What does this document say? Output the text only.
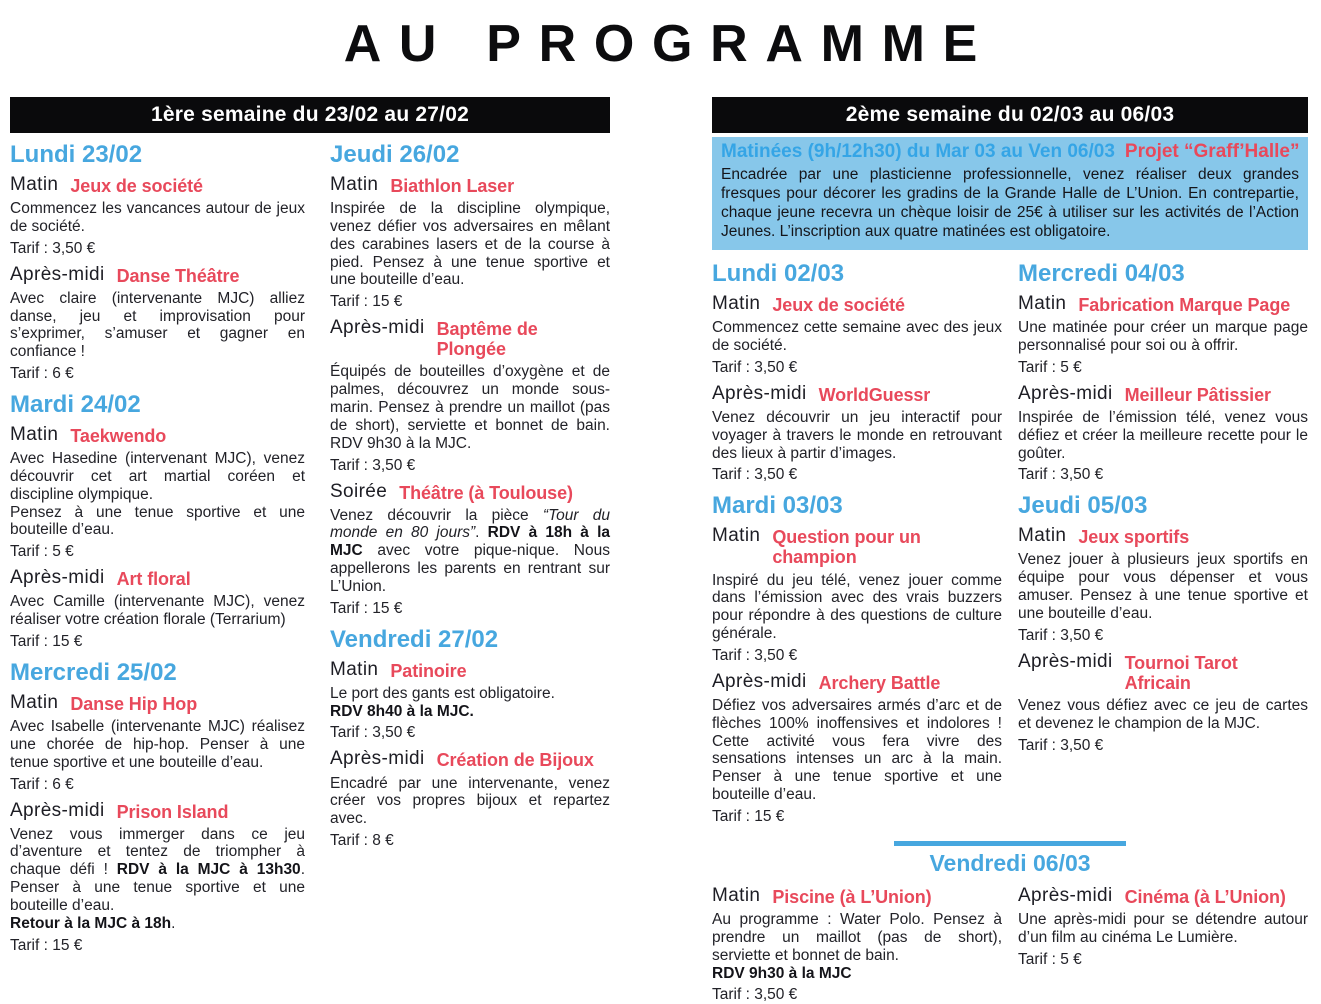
AU PROGRAMME
1ère semaine du 23/02 au 27/02
Lundi 23/02
Matin Jeux de société

Commencez les vancances autour de jeux de société.

Tarif : 3,50 €

Après-midi Danse Théâtre

Avec claire (intervenante MJC) alliez danse, jeu et improvisation pour s’exprimer, s’amuser et gagner en confiance !

Tarif : 6 €

Mardi 24/02
Matin Taekwendo

Avec Hasedine (intervenant MJC), venez découvrir cet art martial coréen et discipline olympique.
Pensez à une tenue sportive et une bouteille d’eau.

Tarif : 5 €

Après-midi Art floral

Avec Camille (intervenante MJC), venez réaliser votre création florale (Terrarium)

Tarif : 15 €

Mercredi 25/02
Matin Danse Hip Hop

Avec Isabelle (intervenante MJC) réalisez une chorée de hip-hop. Penser à une tenue sportive et une bouteille d’eau.

Tarif : 6 €

Après-midi Prison Island

Venez vous immerger dans ce jeu d’aventure et tentez de triompher à chaque défi ! RDV à la MJC à 13h30. Penser à une tenue sportive et une bouteille d’eau.
Retour à la MJC à 18h.

Tarif : 15 €

Jeudi 26/02
Matin Biathlon Laser

Inspirée de la discipline olympique, venez défier vos adversaires en mêlant des carabines lasers et de la course à pied. Pensez à une tenue sportive et une bouteille d’eau.

Tarif : 15 €

Après-midi Baptême de Plongée

Équipés de bouteilles d’oxygène et de palmes, découvrez un monde sous-marin. Pensez à prendre un maillot (pas de short), serviette et bonnet de bain. RDV 9h30 à la MJC.

Tarif : 3,50 €

Soirée Théâtre (à Toulouse)

Venez découvrir la pièce “Tour du monde en 80 jours”. RDV à 18h à la MJC avec votre pique-nique. Nous appellerons les parents en rentrant sur L’Union.

Tarif : 15 €

Vendredi 27/02
Matin Patinoire

Le port des gants est obligatoire.
RDV 8h40 à la MJC.

Tarif : 3,50 €

Après-midi Création de Bijoux

Encadré par une intervenante, venez créer vos propres bijoux et repartez avec.

Tarif : 8 €

2ème semaine du 02/03 au 06/03
Matinées (9h/12h30) du Mar 03 au Ven 06/03 Projet “Graff’Halle”

Encadrée par une plasticienne professionnelle, venez réaliser deux grandes fresques pour décorer les gradins de la Grande Halle de L’Union. En contrepartie, chaque jeune recevra un chèque loisir de 25€ à utiliser sur les activités de l’Action Jeunes. L’inscription aux quatre matinées est obligatoire.

Lundi 02/03
Matin Jeux de société

Commencez cette semaine avec des jeux de société.

Tarif : 3,50 €

Après-midi WorldGuessr

Venez découvrir un jeu interactif pour voyager à travers le monde en retrouvant des lieux à partir d’images.

Tarif : 3,50 €

Mardi 03/03
Matin Question pour un champion

Inspiré du jeu télé, venez jouer comme dans l’émission avec des vrais buzzers pour répondre à des questions de culture générale.

Tarif : 3,50 €

Après-midi Archery Battle

Défiez vos adversaires armés d’arc et de flèches 100% inoffensives et indolores ! Cette activité vous fera vivre des sensations intenses un arc à la main. Penser à une tenue sportive et une bouteille d’eau.

Tarif : 15 €

Mercredi 04/03
Matin Fabrication Marque Page

Une matinée pour créer un marque page personnalisé pour soi ou à offrir.

Tarif : 5 €

Après-midi Meilleur Pâtissier

Inspirée de l’émission télé, venez vous défiez et créer la meilleure recette pour le goûter.

Tarif : 3,50 €

Jeudi 05/03
Matin Jeux sportifs

Venez jouer à plusieurs jeux sportifs en équipe pour vous dépenser et vous amuser. Pensez à une tenue sportive et une bouteille d’eau.

Tarif : 3,50 €

Après-midi Tournoi Tarot Africain

Venez vous défiez avec ce jeu de cartes et devenez le champion de la MJC.

Tarif : 3,50 €

Vendredi 06/03
Matin Piscine (à L’Union)

Au programme : Water Polo. Pensez à prendre un maillot (pas de short), serviette et bonnet de bain.
RDV 9h30 à la MJC

Tarif : 3,50 €

Après-midi Cinéma (à L’Union)

Une après-midi pour se détendre autour d’un film au cinéma Le Lumière.

Tarif : 5 €
